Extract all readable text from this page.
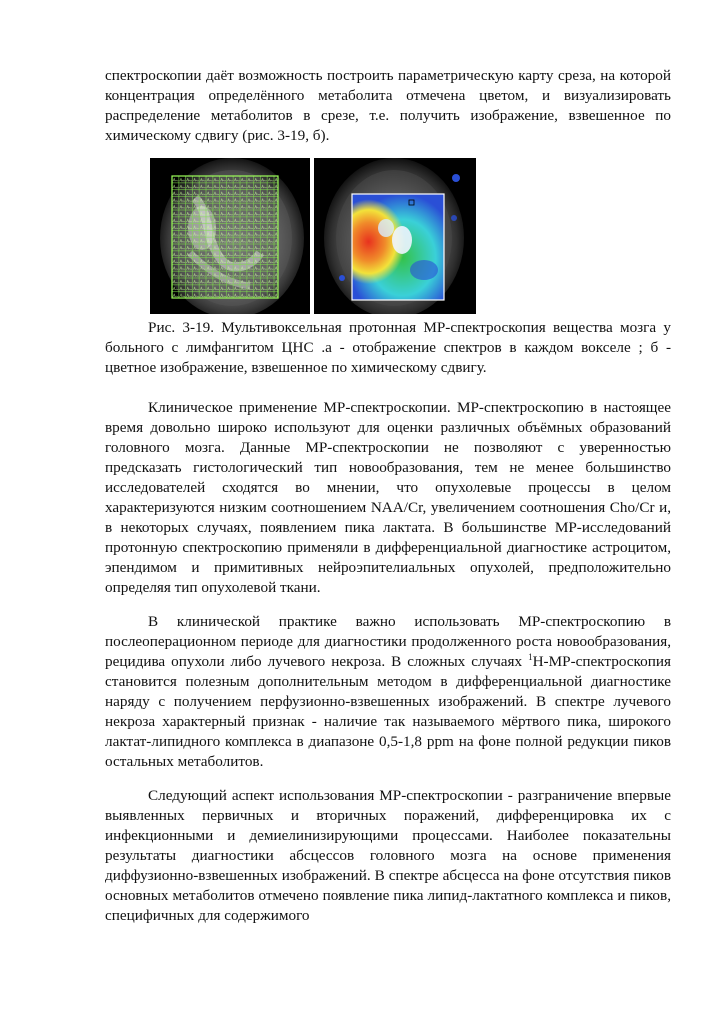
спектроскопии даёт возможность построить параметрическую карту среза, на которой концентрация определённого метаболита отмечена цветом, и визуализировать распределение метаболитов в срезе, т.е. получить изображение, взвешенное по химическому сдвигу (рис. 3-19, б).

Рис. 3-19. Мультивоксельная протонная МР-спектроскопия вещества мозга у больного с лимфангитом ЦНС .а - отображение спектров в каждом вокселе ; б - цветное изображение, взвешенное по химическому сдвигу.

Клиническое применение МР-спектроскопии. МР-спектроскопию в настоящее время довольно широко используют для оценки различных объёмных образований головного мозга. Данные МР-спектроскопии не позволяют с уверенностью предсказать гистологический тип новообразования, тем не менее большинство исследователей сходятся во мнении, что опухолевые процессы в целом характеризуются низким соотношением NAA/Cr, увеличением соотношения Cho/Cr и, в некоторых случаях, появлением пика лактата. В большинстве МР-исследований протонную спектроскопию применяли в дифференциальной диагностике астроцитом, эпендимом и примитивных нейроэпителиальных опухолей, предположительно определяя тип опухолевой ткани.

В клинической практике важно использовать МР-спектроскопию в послеоперационном периоде для диагностики продолженного роста новообразования, рецидива опухоли либо лучевого некроза. В сложных случаях $^1$Н-МР-спектроскопия становится полезным дополнительным методом в дифференциальной диагностике наряду с получением перфузионно-взвешенных изображений. В спектре лучевого некроза характерный признак - наличие так называемого мёртвого пика, широкого лактат-липидного комплекса в диапазоне 0,5-1,8 ppm на фоне полной редукции пиков остальных метаболитов.

Следующий аспект использования МР-спектроскопии - разграничение впервые выявленных первичных и вторичных поражений, дифференцировка их с инфекционными и демиелинизирующими процессами. Наиболее показательны результаты диагностики абсцессов головного мозга на основе применения диффузионно-взвешенных изображений. В спектре абсцесса на фоне отсутствия пиков основных метаболитов отмечено появление пика липид-лактатного комплекса и пиков, специфичных для содержимого
